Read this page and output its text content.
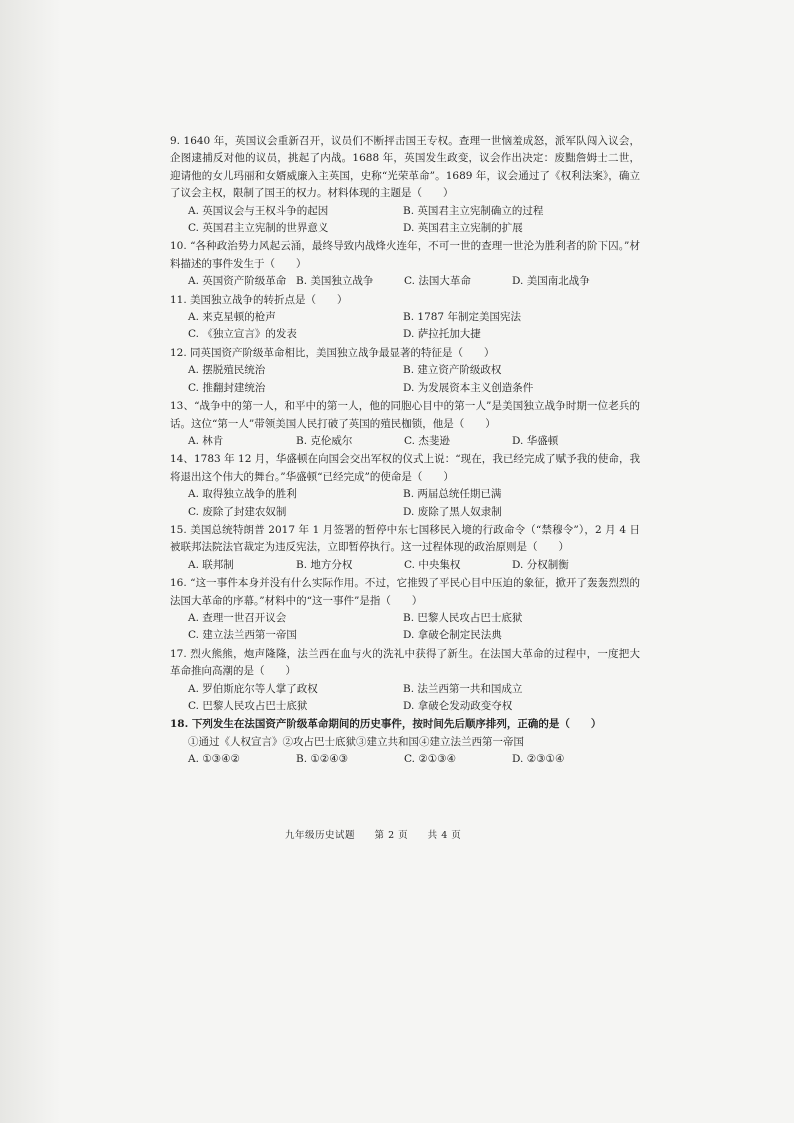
9. 1640 年，英国议会重新召开，议员们不断抨击国王专权。查理一世恼羞成怒，派军队闯入议会，企图逮捕反对他的议员，挑起了内战。1688 年，英国发生政变，议会作出决定：废黜詹姆士二世，迎请他的女儿玛丽和女婿威廉入主英国，史称“光荣革命”。1689 年，议会通过了《权利法案》，确立了议会主权，限制了国王的权力。材料体现的主题是（　　）

A. 英国议会与王权斗争的起因	B. 英国君主立宪制确立的过程
C. 英国君主立宪制的世界意义	D. 英国君主立宪制的扩展

10. “各种政治势力风起云涌，最终导致内战烽火连年，不可一世的查理一世沦为胜利者的阶下囚。”材料描述的事件发生于（　　）

A. 英国资产阶级革命 B. 美国独立战争	C. 法国大革命	D. 美国南北战争

11. 美国独立战争的转折点是（　　）

A. 来克星顿的枪声	B. 1787 年制定美国宪法
C. 《独立宣言》的发表	D. 萨拉托加大捷

12. 同英国资产阶级革命相比，美国独立战争最显著的特征是（　　）

A. 摆脱殖民统治	B. 建立资产阶级政权
C. 推翻封建统治	D. 为发展资本主义创造条件

13、“战争中的第一人，和平中的第一人，他的同胞心目中的第一人”是美国独立战争时期一位老兵的话。这位“第一人”带领美国人民打破了英国的殖民枷锁，他是（　　）

A. 林肯	B. 克伦威尔	C. 杰斐逊	D. 华盛顿

14、1783 年 12 月，华盛顿在向国会交出军权的仪式上说：“现在，我已经完成了赋予我的使命，我将退出这个伟大的舞台。”华盛顿“已经完成”的使命是（　　）

A. 取得独立战争的胜利	B. 两届总统任期已满
C. 废除了封建农奴制	D. 废除了黑人奴隶制

15. 美国总统特朗普 2017 年 1 月签署的暂停中东七国移民入境的行政命令（“禁穆令”），2 月 4 日被联邦法院法官裁定为违反宪法，立即暂停执行。这一过程体现的政治原则是（　　）

A. 联邦制	B. 地方分权	C. 中央集权	D. 分权制衡

16. “这一事件本身并没有什么实际作用。不过，它推毁了平民心目中压迫的象征，掀开了轰轰烈烈的法国大革命的序幕。”材料中的“这一事件”是指（　　）

A. 查理一世召开议会	B. 巴黎人民攻占巴士底狱
C. 建立法兰西第一帝国	D. 拿破仑制定民法典

17. 烈火熊熊，炮声隆隆，法兰西在血与火的洗礼中获得了新生。在法国大革命的过程中，一度把大革命推向高潮的是（　　）

A. 罗伯斯庇尔等人掌了政权	B. 法兰西第一共和国成立
C. 巴黎人民攻占巴士底狱	D. 拿破仑发动政变夺权

18. 下列发生在法国资产阶级革命期间的历史事件，按时间先后顺序排列，正确的是（　　）

①通过《人权宣言》②攻占巴士底狱③建立共和国④建立法兰西第一帝国

A. ①③④②	B. ①②④③	C. ②①③④	D. ②③①④
九年级历史试题 第 2 页 共 4 页
